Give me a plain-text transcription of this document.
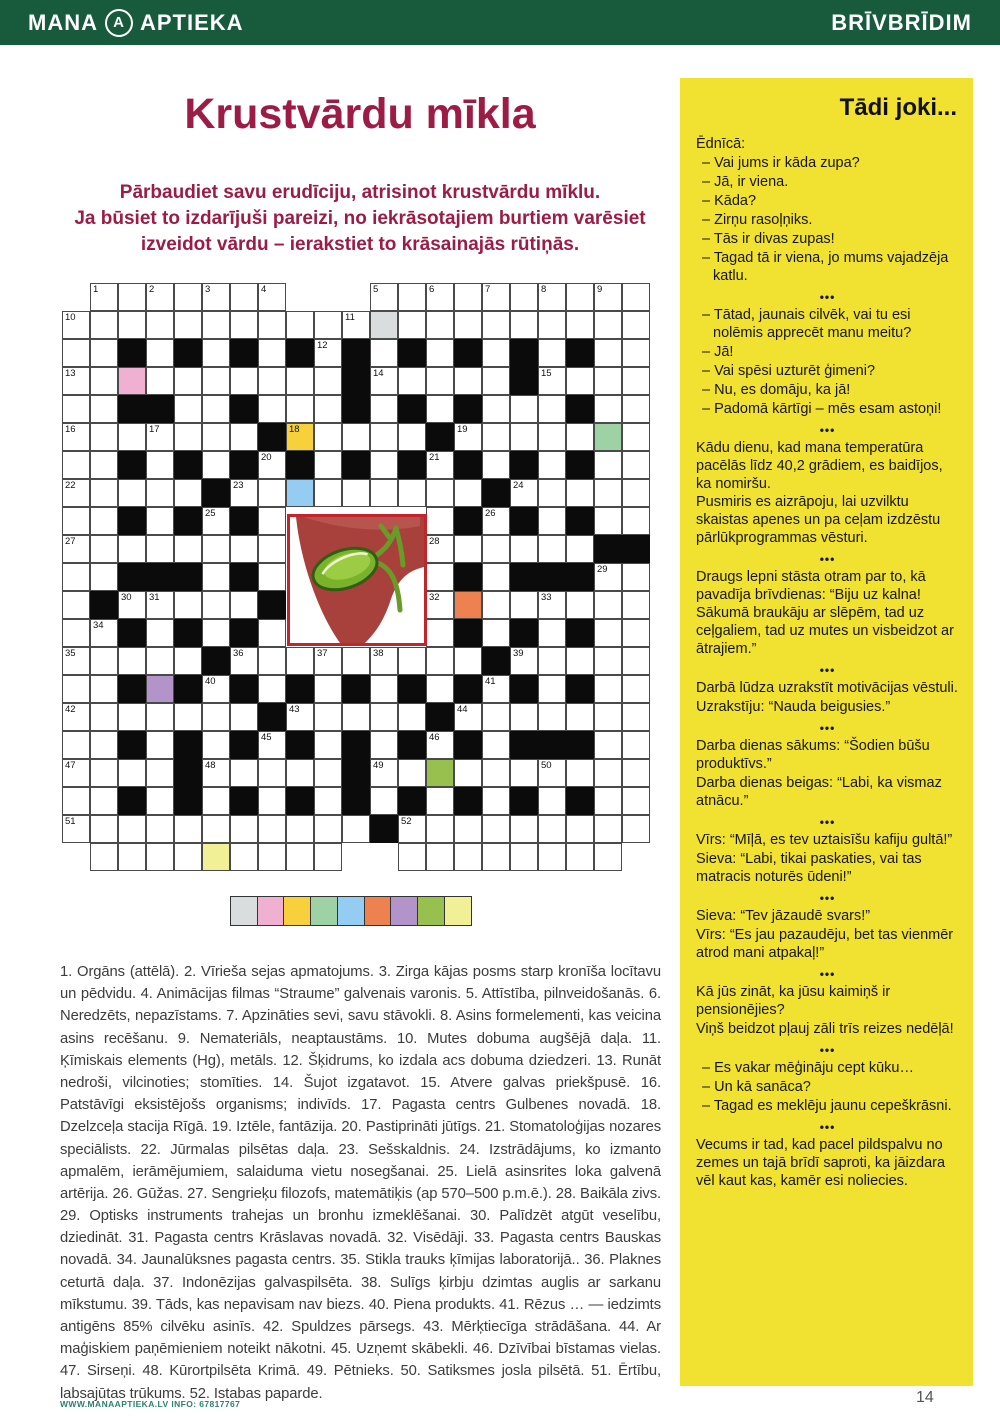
MANA	A APTIEKA	BRĪVBRĪDIM
Krustvārdu mīkla
Pārbaudiet savu erudīciju, atrisinot krustvārdu mīklu.
Ja būsiet to izdarījuši pareizi, no iekrāsotajiem burtiem varēsiet
izveidot vārdu – ierakstiet to krāsainajās rūtiņās.
1	2	3	4	5	6	7	8	9
10	11
12
13	14	15
16	17	18	19
20	21
22	23	24
25	26
27	28
29
30 31	32	33
34
35	36	37	38	39
40	41
42	43	44
45	46
47	48	49	50
51	52
1. Orgāns (attēlā). 2. Vīrieša sejas apmatojums. 3. Zirga kājas posms starp kronīša locītavu un pēdvidu. 4. Animācijas filmas “Straume” galvenais varonis. 5. Attīstība, pilnveidošanās. 6. Neredzēts, nepazīstams. 7. Apzināties sevi, savu stāvokli. 8. Asins formelementi, kas veicina asins recēšanu. 9. Nemateriāls, neaptaustāms. 10. Mutes dobuma augšējā daļa. 11. Ķīmiskais elements (Hg), metāls. 12. Šķidrums, ko izdala acs dobuma dziedzeri. 13. Runāt nedroši, vilcinoties; stomīties. 14. Šujot izgatavot. 15. Atvere galvas priekšpusē. 16. Patstāvīgi eksistējošs organisms; indivīds. 17. Pagasta centrs Gulbenes novadā. 18. Dzelzceļa stacija Rīgā. 19. Iztēle, fantāzija. 20. Pastiprināti jūtīgs. 21. Stomatoloģijas nozares speciālists. 22. Jūrmalas pilsētas daļa. 23. Sešskaldnis. 24. Izstrādājums, ko izmanto apmalēm, ierāmējumiem, salaiduma vietu nosegšanai. 25. Lielā asinsrites loka galvenā artērija. 26. Gūžas. 27. Sengrieķu filozofs, matemātiķis (ap 570–500 p.m.ē.). 28. Baikāla zivs. 29. Optisks instruments trahejas un bronhu izmeklēšanai. 30. Palīdzēt atgūt veselību, dziedināt. 31. Pagasta centrs Krāslavas novadā. 32. Visēdāji. 33. Pagasta centrs Bauskas novadā. 34. Jaunalūksnes pagasta centrs. 35. Stikla trauks ķīmijas laboratorijā.. 36. Plaknes ceturtā daļa. 37. Indonēzijas galvaspilsēta. 38. Sulīgs ķirbju dzimtas auglis ar sarkanu mīkstumu. 39. Tāds, kas nepavisam nav biezs. 40. Piena produkts. 41. Rēzus … — iedzimts antigēns 85% cilvēku asinīs. 42. Spuldzes pārsegs. 43. Mērķtiecīga strādāšana. 44. Ar maģiskiem paņēmieniem noteikt nākotni. 45. Uzņemt skābekli. 46. Dzīvībai bīstamas vielas. 47. Sirseņi. 48. Kūrortpilsēta Krimā. 49. Pētnieks. 50. Satiksmes josla pilsētā. 51. Ērtību, labsajūtas trūkums. 52. Istabas paparde.
Tādi joki...
Ēdnīcā:
– Vai jums ir kāda zupa?
– Jā, ir viena.
– Kāda?
– Zirņu rasoļņiks.
– Tās ir divas zupas!
– Tagad tā ir viena, jo mums vajadzēja katlu.
•••
– Tātad, jaunais cilvēk, vai tu esi nolēmis apprecēt manu meitu?
– Jā!
– Vai spēsi uzturēt ģimeni?
– Nu, es domāju, ka jā!
– Padomā kārtīgi – mēs esam astoņi!
•••
Kādu dienu, kad mana temperatūra pacēlās līdz 40,2 grādiem, es baidījos, ka nomiršu.
Pusmiris es aizrāpoju, lai uzvilktu skaistas apenes un pa ceļam izdzēstu pārlūkprogrammas vēsturi.
•••
Draugs lepni stāsta otram par to, kā pavadīja brīvdienas: “Biju uz kalna! Sākumā braukāju ar slēpēm, tad uz ceļgaliem, tad uz mutes un visbeidzot ar ātrajiem.”
•••
Darbā lūdza uzrakstīt motivācijas vēstuli.
Uzrakstīju: “Nauda beigusies.”
•••
Darba dienas sākums: “Šodien būšu produktīvs.”
Darba dienas beigas: “Labi, ka vismaz atnācu.”
•••
Vīrs: “Mīļā, es tev uztaisīšu kafiju gultā!”
Sieva: “Labi, tikai paskaties, vai tas matracis noturēs ūdeni!”
•••
Sieva: “Tev jāzaudē svars!”
Vīrs: “Es jau pazaudēju, bet tas vienmēr atrod mani atpakaļ!”
•••
Kā jūs zināt, ka jūsu kaimiņš ir pensionējies?
Viņš beidzot pļauj zāli trīs reizes nedēļā!
•••
– Es vakar mēģināju cept kūku…
– Un kā sanāca?
– Tagad es meklēju jaunu cepeškrāsni.
•••
Vecums ir tad, kad pacel pildspalvu no zemes un tajā brīdī saproti, ka jāizdara vēl kaut kas, kamēr esi noliecies.
WWW.MANAAPTIEKA.LV INFO: 67817767	14
